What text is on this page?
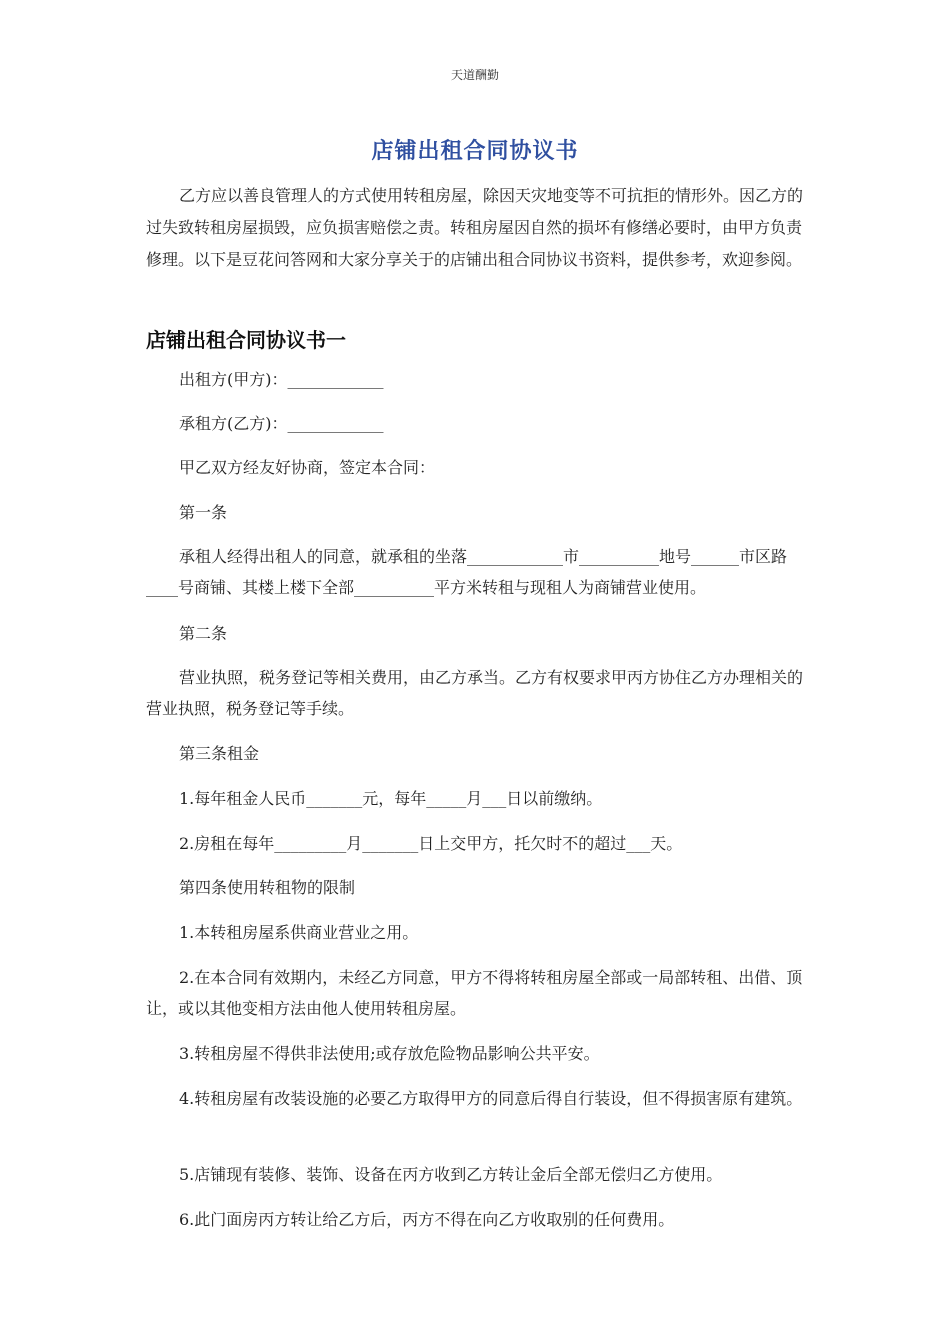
天道酬勤
店铺出租合同协议书

乙方应以善良管理人的方式使用转租房屋，除因天灾地变等不可抗拒的情形外。因乙方的过失致转租房屋损毁，应负损害赔偿之责。转租房屋因自然的损坏有修缮必要时，由甲方负责修理。以下是豆花问答网和大家分享关于的店铺出租合同协议书资料，提供参考，欢迎参阅。

店铺出租合同协议书一

出租方(甲方)：____________

承租方(乙方)：____________

甲乙双方经友好协商，签定本合同：

第一条

承租人经得出租人的同意，就承租的坐落____________市__________地号______市区路____号商铺、其楼上楼下全部__________平方米转租与现租人为商铺营业使用。

第二条

营业执照，税务登记等相关费用，由乙方承当。乙方有权要求甲丙方协住乙方办理相关的营业执照，税务登记等手续。

第三条租金

1.每年租金人民币_______元，每年_____月___日以前缴纳。

2.房租在每年_________月_______日上交甲方，托欠时不的超过___天。

第四条使用转租物的限制

1.本转租房屋系供商业营业之用。

2.在本合同有效期内，未经乙方同意，甲方不得将转租房屋全部或一局部转租、出借、顶让，或以其他变相方法由他人使用转租房屋。

3.转租房屋不得供非法使用;或存放危险物品影响公共平安。

4.转租房屋有改装设施的必要乙方取得甲方的同意后得自行装设，但不得损害原有建筑。

5.店铺现有装修、装饰、设备在丙方收到乙方转让金后全部无偿归乙方使用。

6.此门面房丙方转让给乙方后，丙方不得在向乙方收取别的任何费用。
